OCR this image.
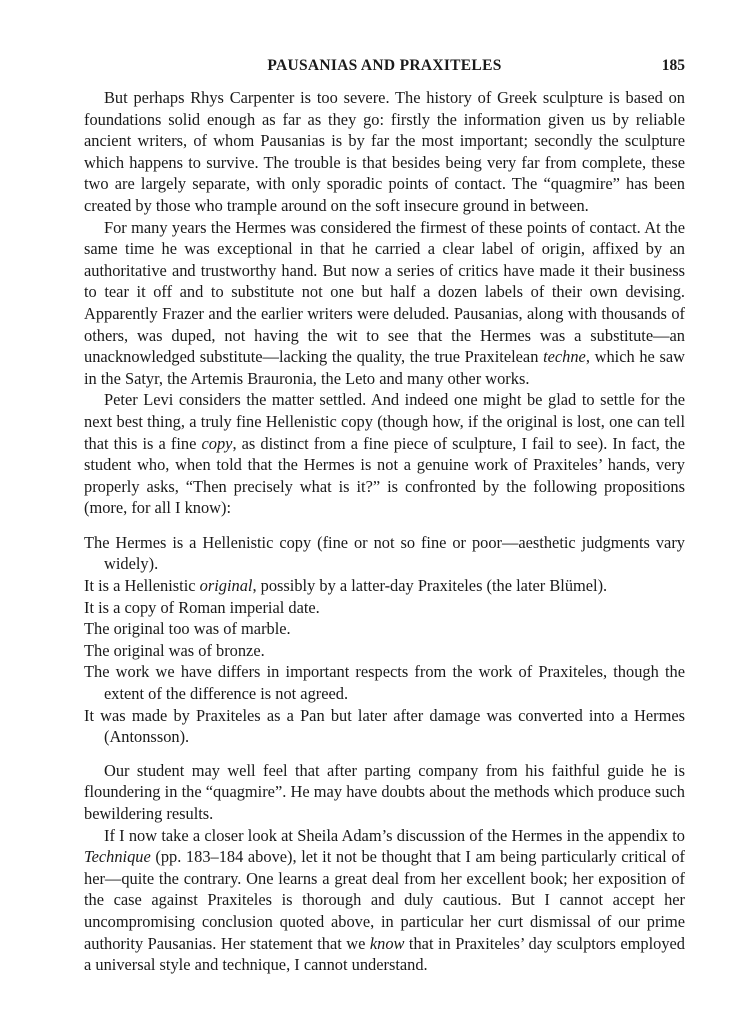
PAUSANIAS AND PRAXITELES	185

But perhaps Rhys Carpenter is too severe. The history of Greek sculpture is based on foundations solid enough as far as they go: firstly the information given us by reliable ancient writers, of whom Pausanias is by far the most important; secondly the sculpture which happens to survive. The trouble is that besides being very far from complete, these two are largely separate, with only sporadic points of contact. The “quagmire” has been created by those who trample around on the soft insecure ground in between.

For many years the Hermes was considered the firmest of these points of contact. At the same time he was exceptional in that he carried a clear label of origin, affixed by an authoritative and trustworthy hand. But now a series of critics have made it their business to tear it off and to substitute not one but half a dozen labels of their own devising. Apparently Frazer and the earlier writers were deluded. Pausanias, along with thousands of others, was duped, not having the wit to see that the Hermes was a substitute—an unacknowledged substitute—lacking the quality, the true Praxitelean techne, which he saw in the Satyr, the Artemis Brauronia, the Leto and many other works.

Peter Levi considers the matter settled. And indeed one might be glad to settle for the next best thing, a truly fine Hellenistic copy (though how, if the original is lost, one can tell that this is a fine copy, as distinct from a fine piece of sculpture, I fail to see). In fact, the student who, when told that the Hermes is not a genuine work of Praxiteles’ hands, very properly asks, “Then precisely what is it?” is confronted by the following propositions (more, for all I know):

The Hermes is a Hellenistic copy (fine or not so fine or poor—aesthetic judgments vary widely).
It is a Hellenistic original, possibly by a latter-day Praxiteles (the later Blümel).
It is a copy of Roman imperial date.
The original too was of marble.
The original was of bronze.
The work we have differs in important respects from the work of Praxiteles, though the extent of the difference is not agreed.
It was made by Praxiteles as a Pan but later after damage was converted into a Hermes (Antonsson).

Our student may well feel that after parting company from his faithful guide he is floundering in the “quagmire”. He may have doubts about the methods which produce such bewildering results.

If I now take a closer look at Sheila Adam’s discussion of the Hermes in the appendix to Technique (pp. 183–184 above), let it not be thought that I am being particularly critical of her—quite the contrary. One learns a great deal from her excellent book; her exposition of the case against Praxiteles is thorough and duly cautious. But I cannot accept her uncompromising conclusion quoted above, in particular her curt dismissal of our prime authority Pausanias. Her statement that we know that in Praxiteles’ day sculptors employed a universal style and technique, I cannot understand.
